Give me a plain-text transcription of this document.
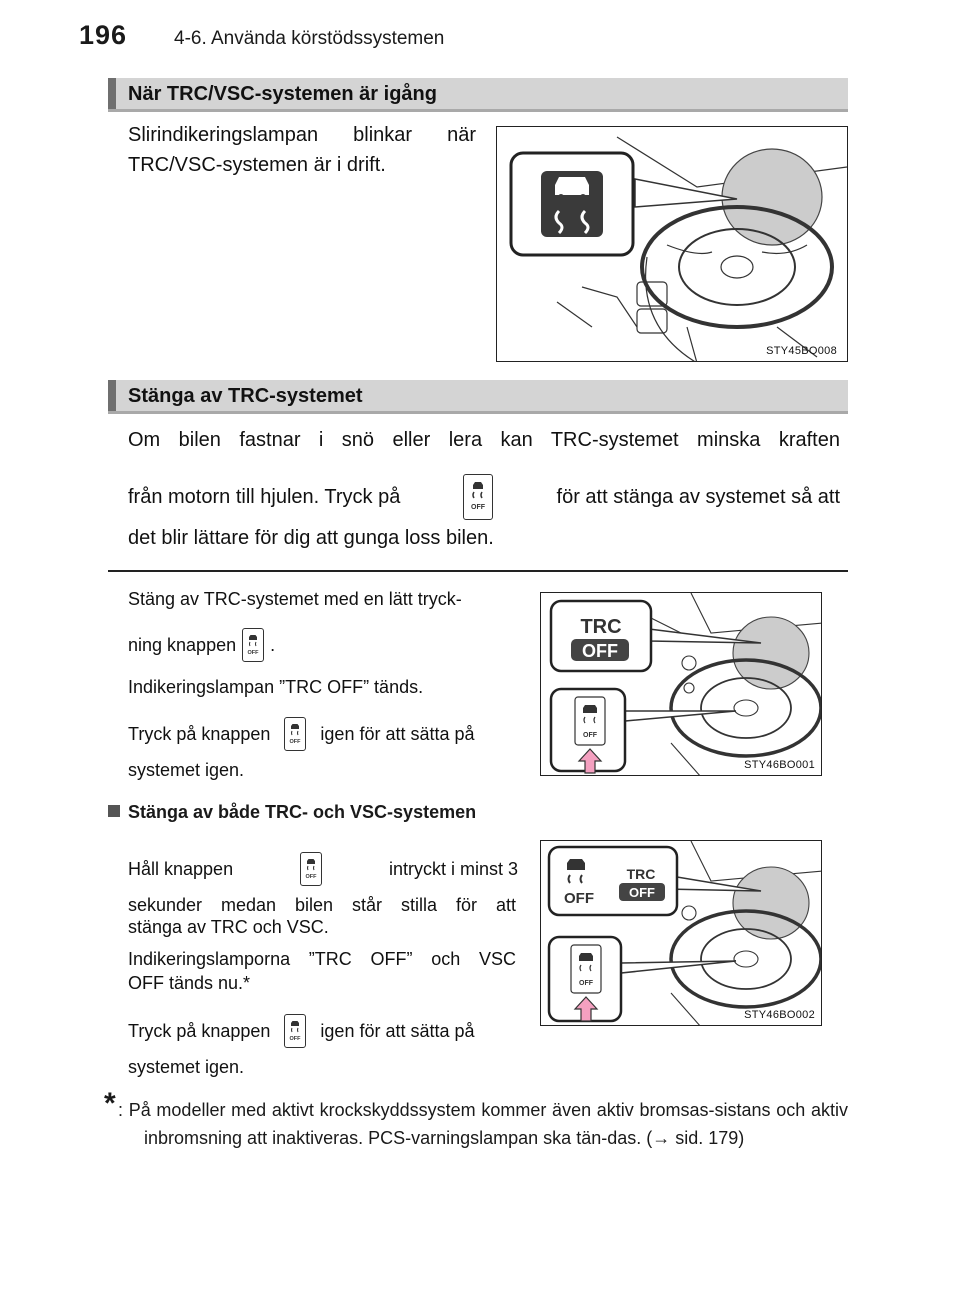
196 4-6. Använda körstödssystemen
När TRC/VSC-systemen är igång
Slirindikeringslampan blinkar när
TRC/VSC-systemen är i drift.
STY45BO008
Stänga av TRC-systemet
Om bilen fastnar i snö eller lera kan TRC-systemet minska kraften
från motorn till hjulen. Tryck på	OFF	för att stänga av systemet så att
det blir lättare för dig att gunga loss bilen.
Stäng av TRC-systemet med en lätt tryck-
ning knappen OFF .
Indikeringslampan ”TRC OFF” tänds.
Tryck på knappen	OFF igen för att sätta på
systemet igen.
TRC
OFF
OFF
STY46BO001
Stänga av både TRC- och VSC-systemen
Håll knappen	OFF	intryckt i minst 3
sekunder medan bilen står stilla för att
stänga av TRC och VSC.
Indikeringslamporna ”TRC OFF” och VSC
OFF tänds nu.*
Tryck på knappen	OFF igen för att sätta på
systemet igen.
OFF
TRC
OFF
OFF
STY46BO002
* : På modeller med aktivt krockskyddssystem kommer även aktiv bromsas-sistans och aktiv inbromsning att inaktiveras. PCS-varningslampan ska tän-das. (→ sid. 179)
